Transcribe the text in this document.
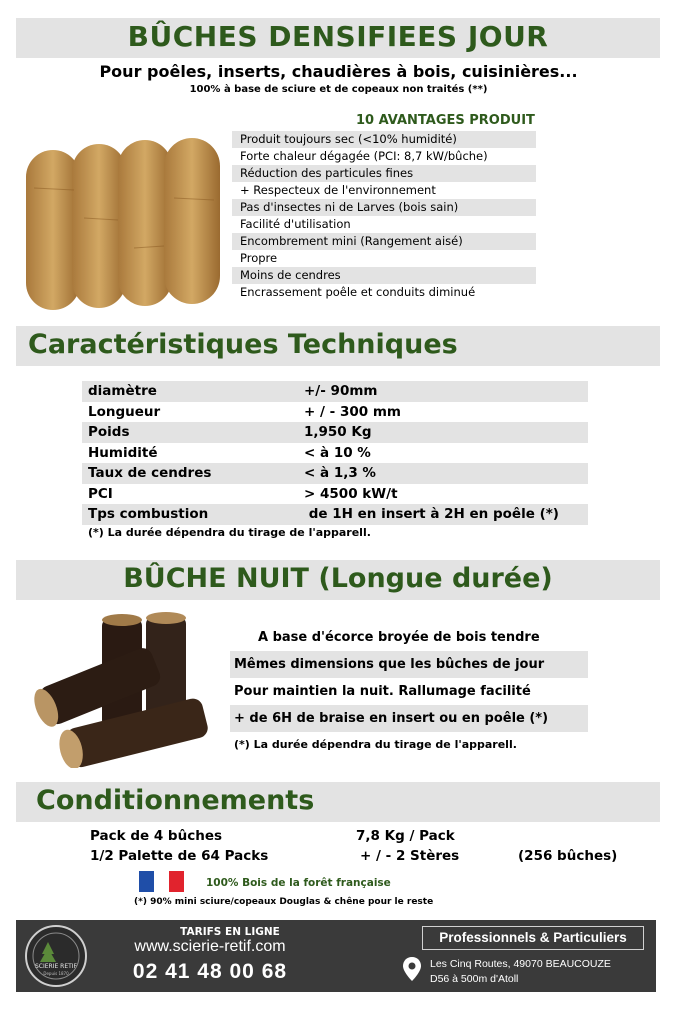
BÛCHES DENSIFIEES JOUR
Pour poêles, inserts, chaudières à bois, cuisinières...
100% à base de sciure et de copeaux non traités (**)
10 AVANTAGES PRODUIT
Produit toujours sec (<10% humidité)
Forte chaleur dégagée (PCI: 8,7 kW/bûche)
Réduction des particules fines
+ Respecteux de l'environnement
Pas d'insectes ni de Larves (bois sain)
Facilité d'utilisation
Encombrement mini (Rangement aisé)
Propre
Moins de cendres
Encrassement poêle et conduits diminué
Caractéristiques Techniques
diamètre	+/- 90mm
Longueur	+ / - 300 mm
Poids	1,950 Kg
Humidité	< à 10 %
Taux de cendres	< à 1,3 %
PCI	> 4500 kW/t
Tps combustion	de 1H en insert à 2H en poêle (*)
(*) La durée dépendra du tirage de l'apparell.
BÛCHE NUIT (Longue durée)
A base d'écorce broyée de bois tendre
Mêmes dimensions que les bûches de jour
Pour maintien la nuit. Rallumage facilité
+ de 6H de braise en insert ou en poêle (*)
(*) La durée dépendra du tirage de l'apparell.
Conditionnements
Pack de 4 bûches	7,8 Kg / Pack
1/2 Palette de 64 Packs	+ / - 2 Stères	(256 bûches)
100% Bois de la forêt française
(*) 90% mini sciure/copeaux Douglas & chêne pour le reste
SCIERIE RETIF
Depuis 1870
TARIFS EN LIGNE
www.scierie-retif.com
02 41 48 00 68
Professionnels & Particuliers
Les Cinq Routes, 49070 BEAUCOUZE
D56 à 500m d'Atoll
